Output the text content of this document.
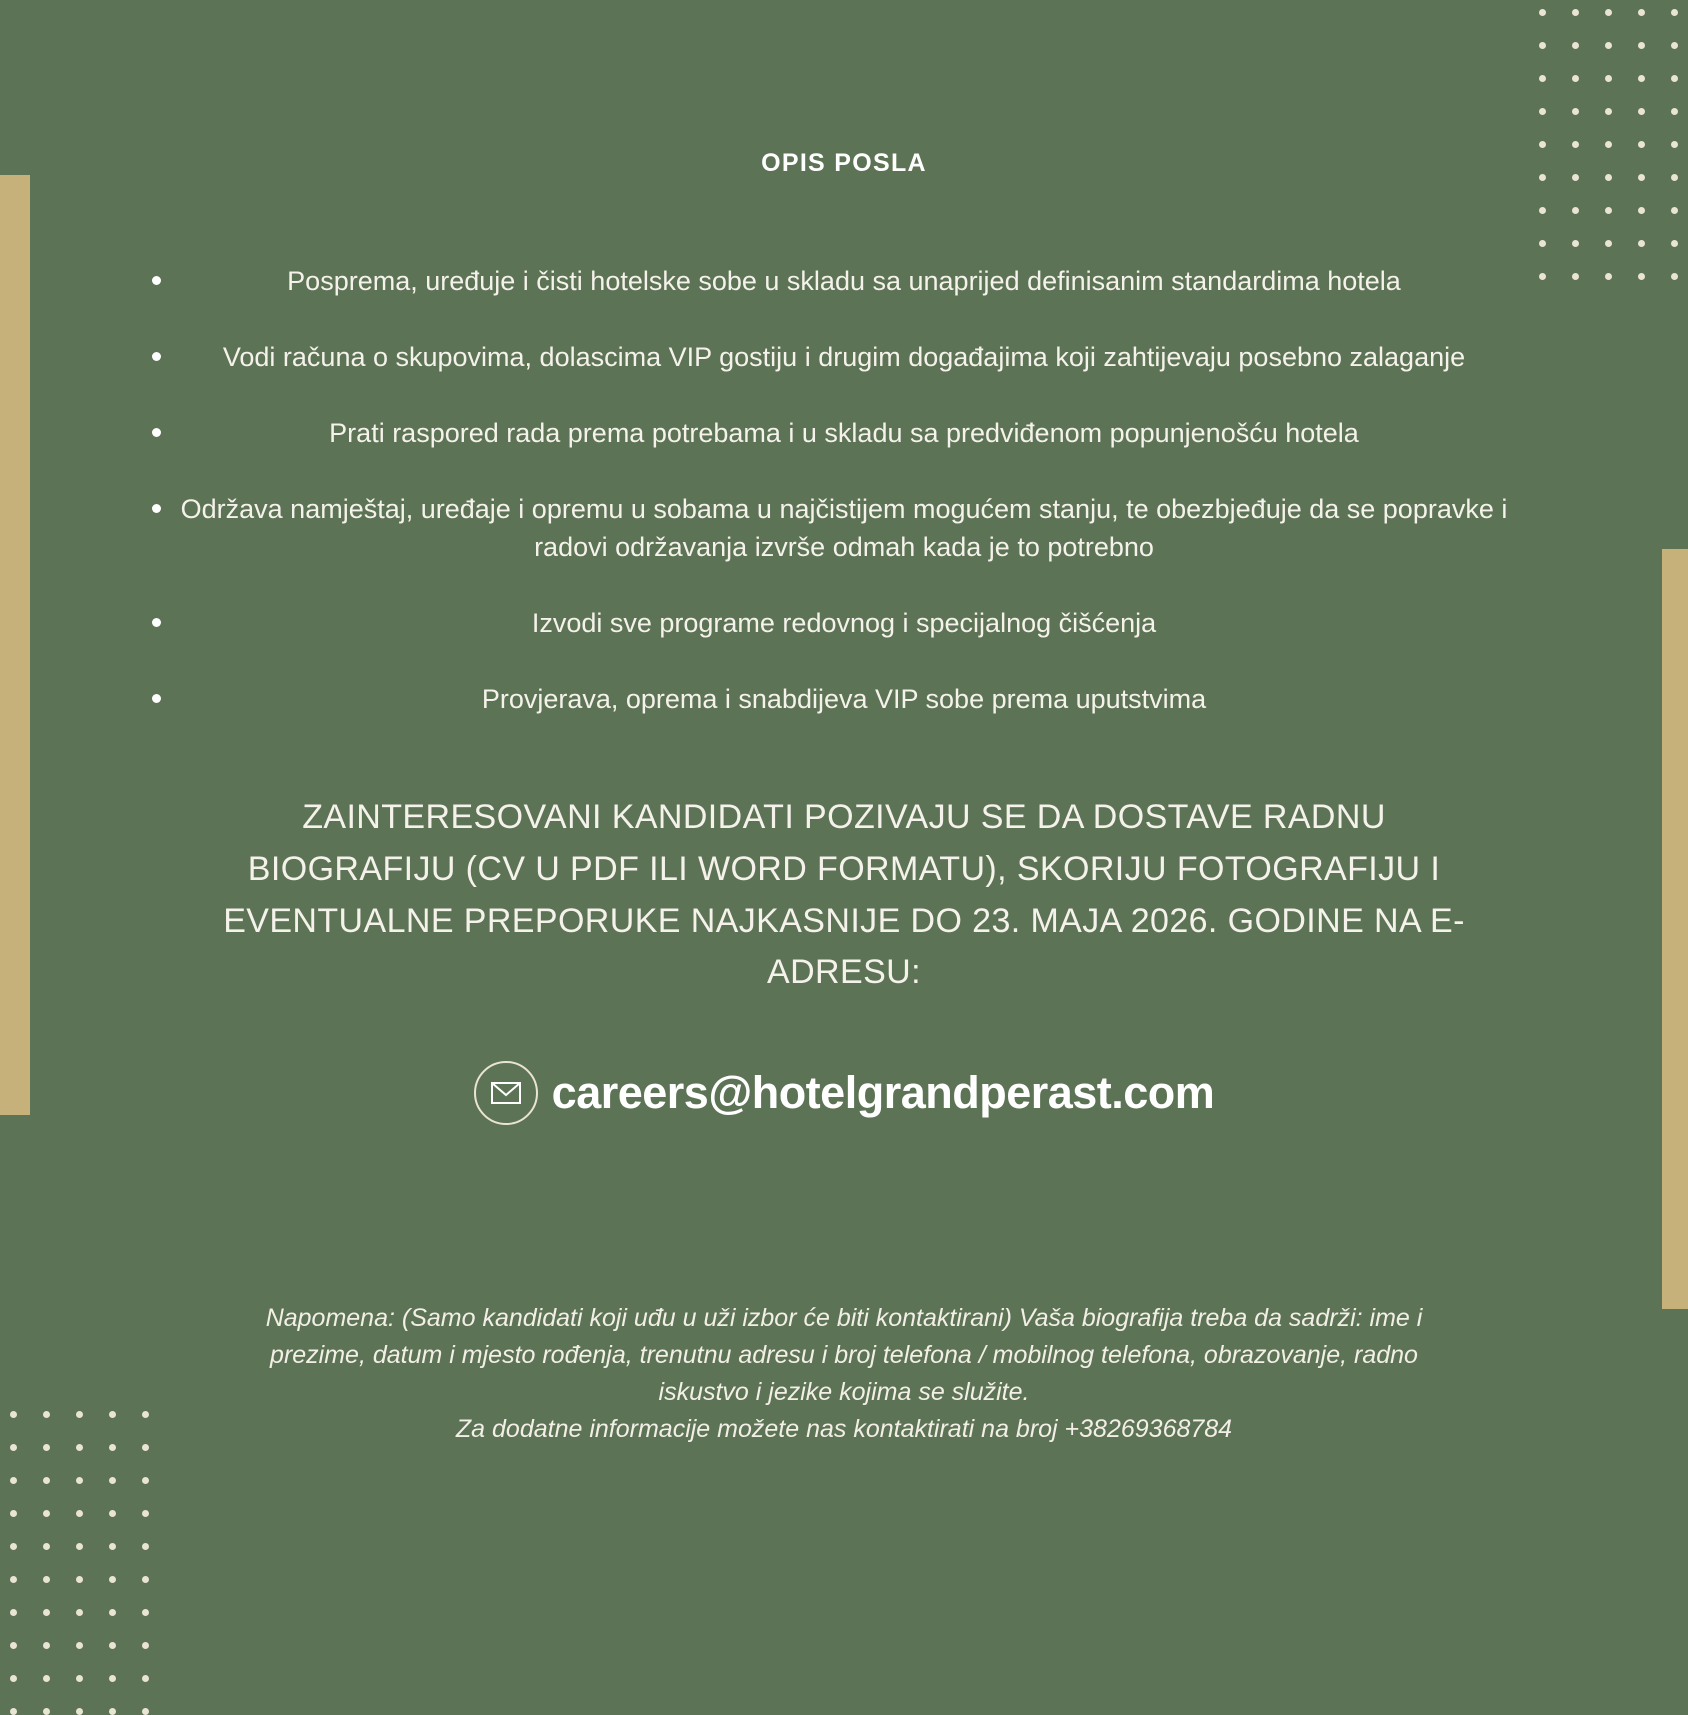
OPIS POSLA
Posprema, uređuje i čisti hotelske sobe u skladu sa unaprijed definisanim standardima hotela
Vodi računa o skupovima, dolascima VIP gostiju i drugim događajima koji zahtijevaju posebno zalaganje
Prati raspored rada prema potrebama i u skladu sa predviđenom popunjenošću hotela
Održava namještaj, uređaje i opremu u sobama u najčistijem mogućem stanju, te obezbjeđuje da se popravke i radovi održavanja izvrše odmah kada je to potrebno
Izvodi sve programe redovnog i specijalnog čišćenja
Provjerava, oprema i snabdijeva VIP sobe prema uputstvima
ZAINTERESOVANI KANDIDATI POZIVAJU SE DA DOSTAVE RADNU BIOGRAFIJU (CV U PDF ILI WORD FORMATU), SKORIJU FOTOGRAFIJU I EVENTUALNE PREPORUKE NAJKASNIJE DO 23. MAJA 2026. GODINE NA E-ADRESU:
careers@hotelgrandperast.com

Napomena: (Samo kandidati koji uđu u uži izbor će biti kontaktirani) Vaša biografija treba da sadrži: ime i prezime, datum i mjesto rođenja, trenutnu adresu i broj telefona / mobilnog telefona, obrazovanje, radno iskustvo i jezike kojima se služite.

Za dodatne informacije možete nas kontaktirati na broj +38269368784
